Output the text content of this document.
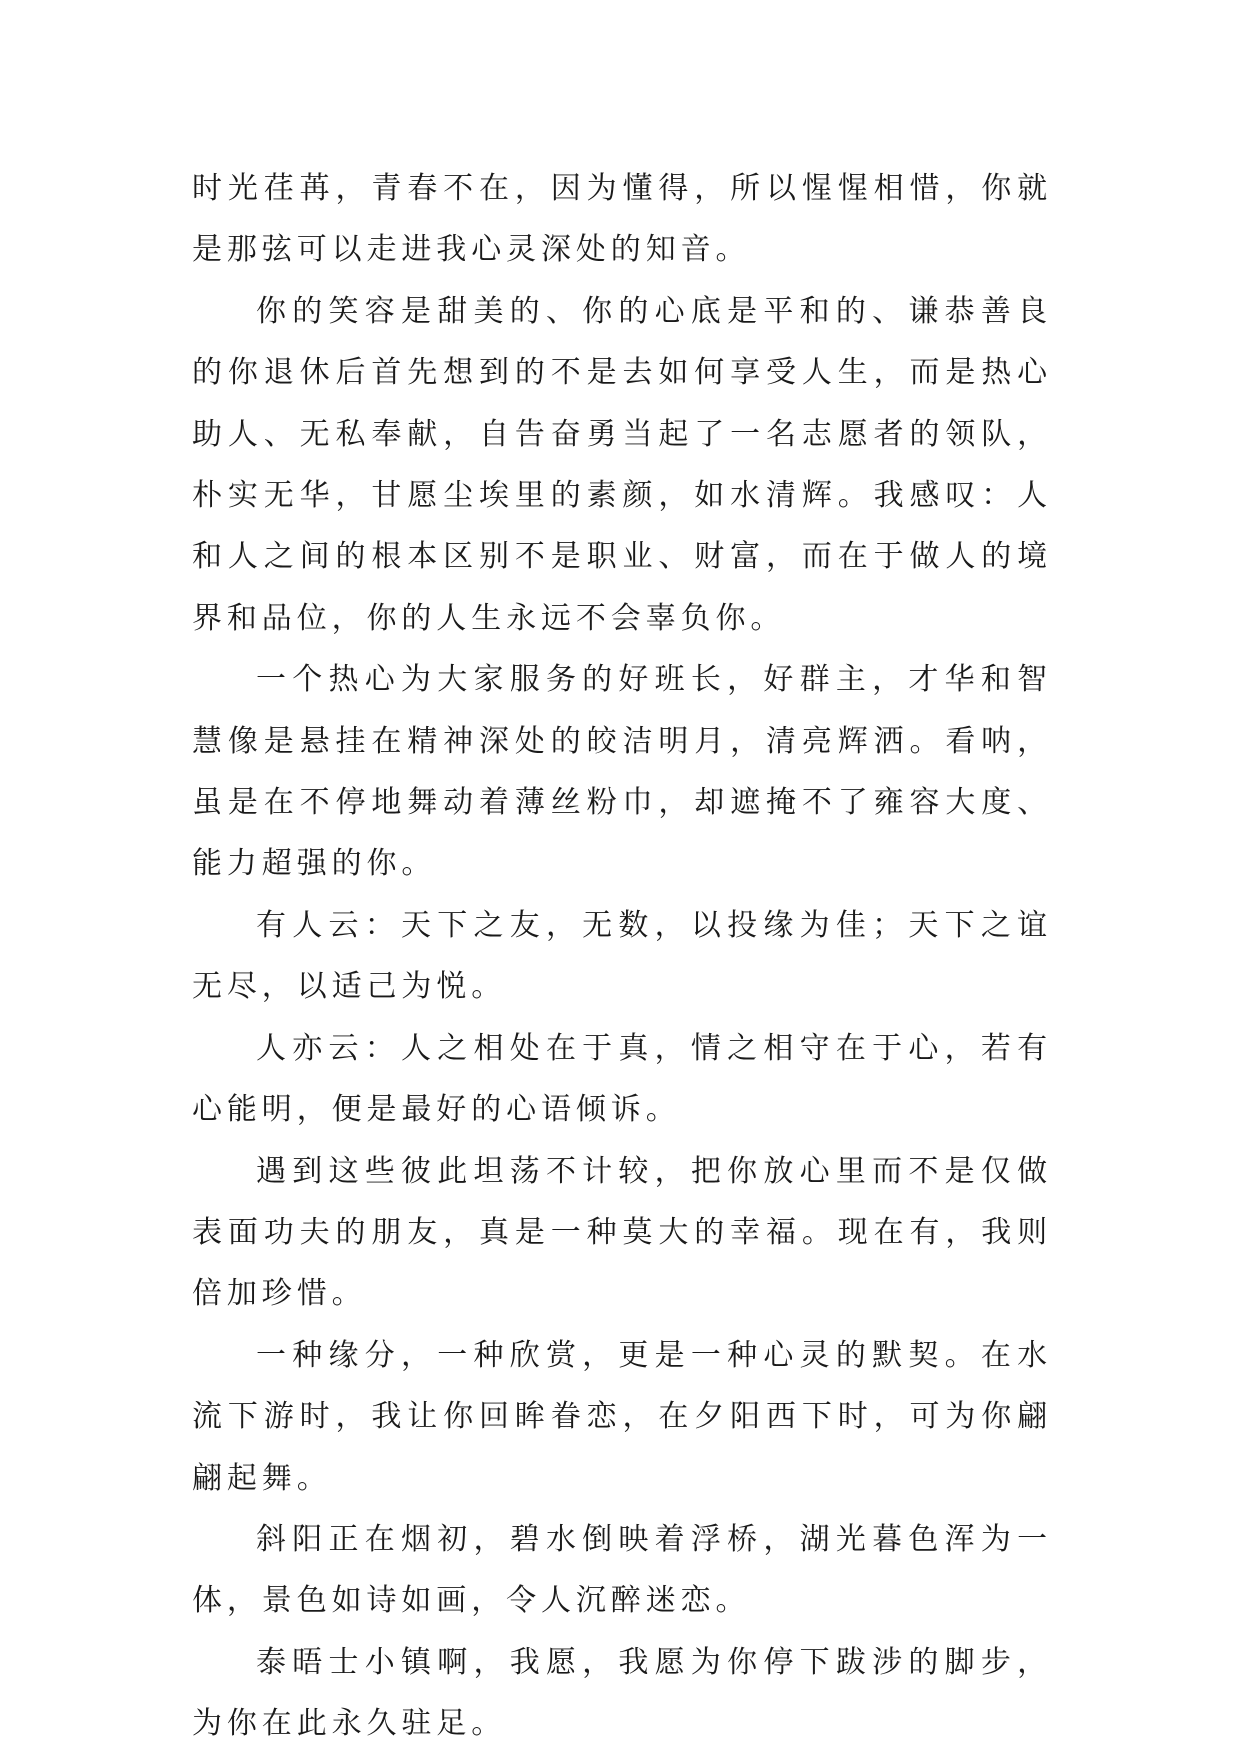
时光荏苒，青春不在，因为懂得，所以惺惺相惜，你就是那弦可以走进我心灵深处的知音。

你的笑容是甜美的、你的心底是平和的、谦恭善良的你退休后首先想到的不是去如何享受人生，而是热心助人、无私奉献，自告奋勇当起了一名志愿者的领队，朴实无华，甘愿尘埃里的素颜，如水清辉。我感叹：人和人之间的根本区别不是职业、财富，而在于做人的境界和品位，你的人生永远不会辜负你。

一个热心为大家服务的好班长，好群主，才华和智慧像是悬挂在精神深处的皎洁明月，清亮辉洒。看呐，虽是在不停地舞动着薄丝粉巾，却遮掩不了雍容大度、能力超强的你。

有人云：天下之友，无数，以投缘为佳；天下之谊无尽，以适己为悦。

人亦云：人之相处在于真，情之相守在于心，若有心能明，便是最好的心语倾诉。

遇到这些彼此坦荡不计较，把你放心里而不是仅做表面功夫的朋友，真是一种莫大的幸福。现在有，我则倍加珍惜。

一种缘分，一种欣赏，更是一种心灵的默契。在水流下游时，我让你回眸眷恋，在夕阳西下时，可为你翩翩起舞。

斜阳正在烟初，碧水倒映着浮桥，湖光暮色浑为一体，景色如诗如画，令人沉醉迷恋。

泰晤士小镇啊，我愿，我愿为你停下跋涉的脚步，为你在此永久驻足。
